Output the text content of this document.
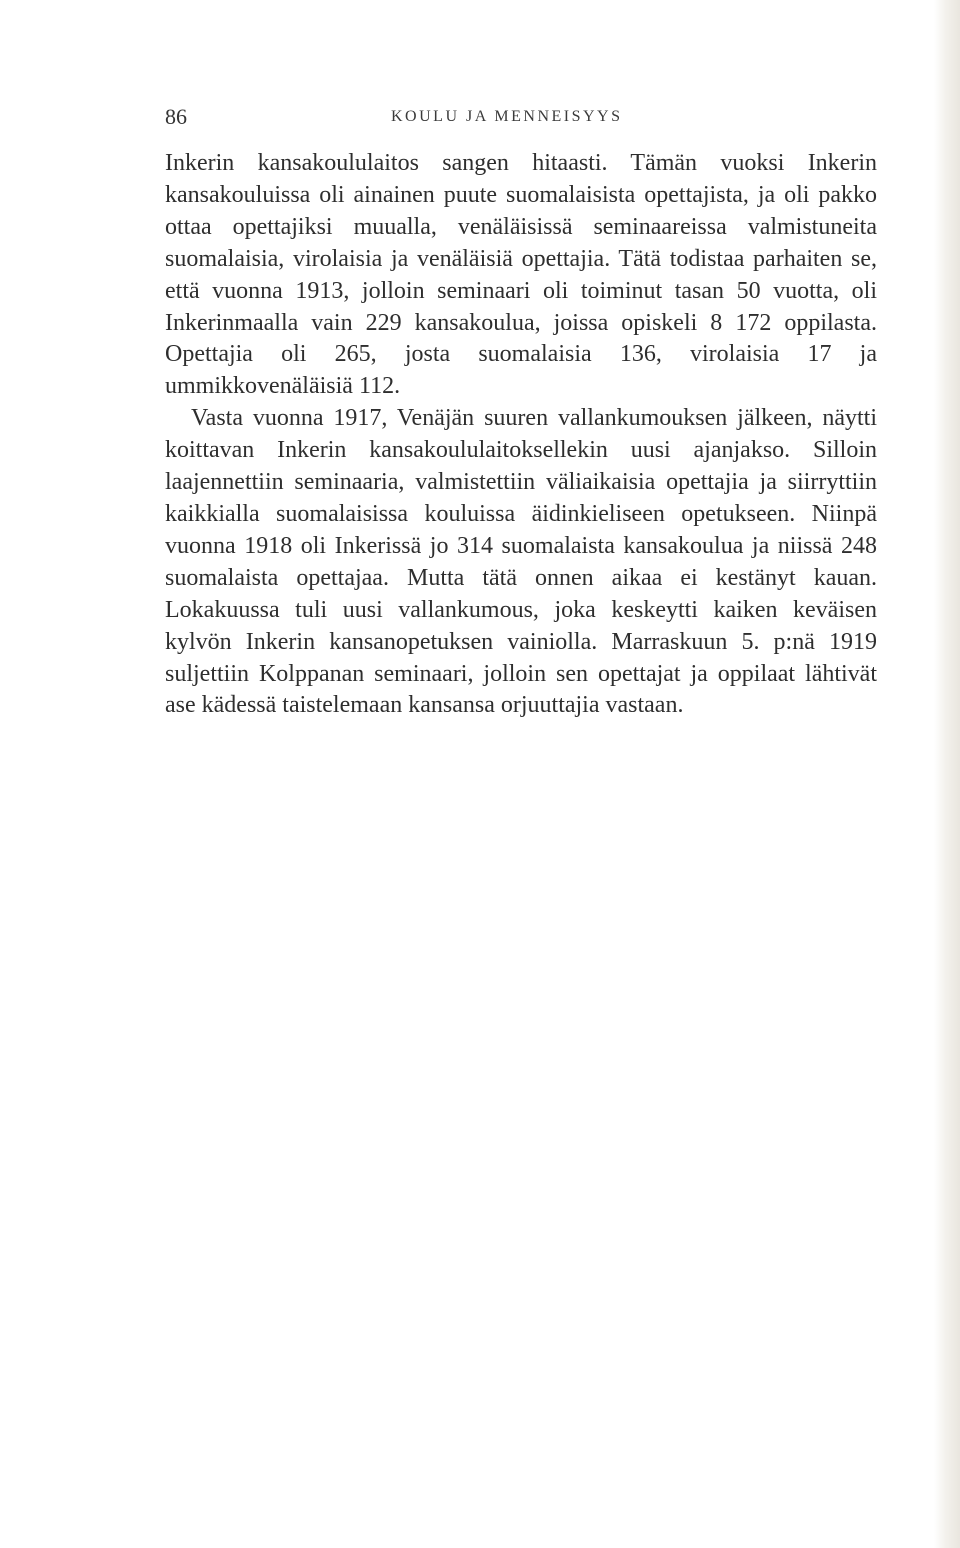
86	KOULU JA MENNEISYYS

Inkerin kansakoululaitos sangen hitaasti. Tämän vuoksi Inkerin kansakouluissa oli ainainen puute suomalaisista opettajista, ja oli pakko ottaa opettajiksi muualla, venäläisissä seminaareissa valmistuneita suomalaisia, virolaisia ja venäläisiä opettajia. Tätä todistaa parhaiten se, että vuonna 1913, jolloin seminaari oli toiminut tasan 50 vuotta, oli Inkerinmaalla vain 229 kansakoulua, joissa opiskeli 8 172 oppilasta. Opettajia oli 265, josta suomalaisia 136, virolaisia 17 ja ummikkovenäläisiä 112.

Vasta vuonna 1917, Venäjän suuren vallankumouksen jälkeen, näytti koittavan Inkerin kansakoululaitoksellekin uusi ajanjakso. Silloin laajennettiin seminaaria, valmistettiin väliaikaisia opettajia ja siirryttiin kaikkialla suomalaisissa kouluissa äidinkieliseen opetukseen. Niinpä vuonna 1918 oli Inkerissä jo 314 suomalaista kansakoulua ja niissä 248 suomalaista opettajaa. Mutta tätä onnen aikaa ei kestänyt kauan. Lokakuussa tuli uusi vallankumous, joka keskeytti kaiken keväisen kylvön Inkerin kansanopetuksen vainiolla. Marraskuun 5. p:nä 1919 suljettiin Kolppanan seminaari, jolloin sen opettajat ja oppilaat lähtivät ase kädessä taistelemaan kansansa orjuuttajia vastaan.
